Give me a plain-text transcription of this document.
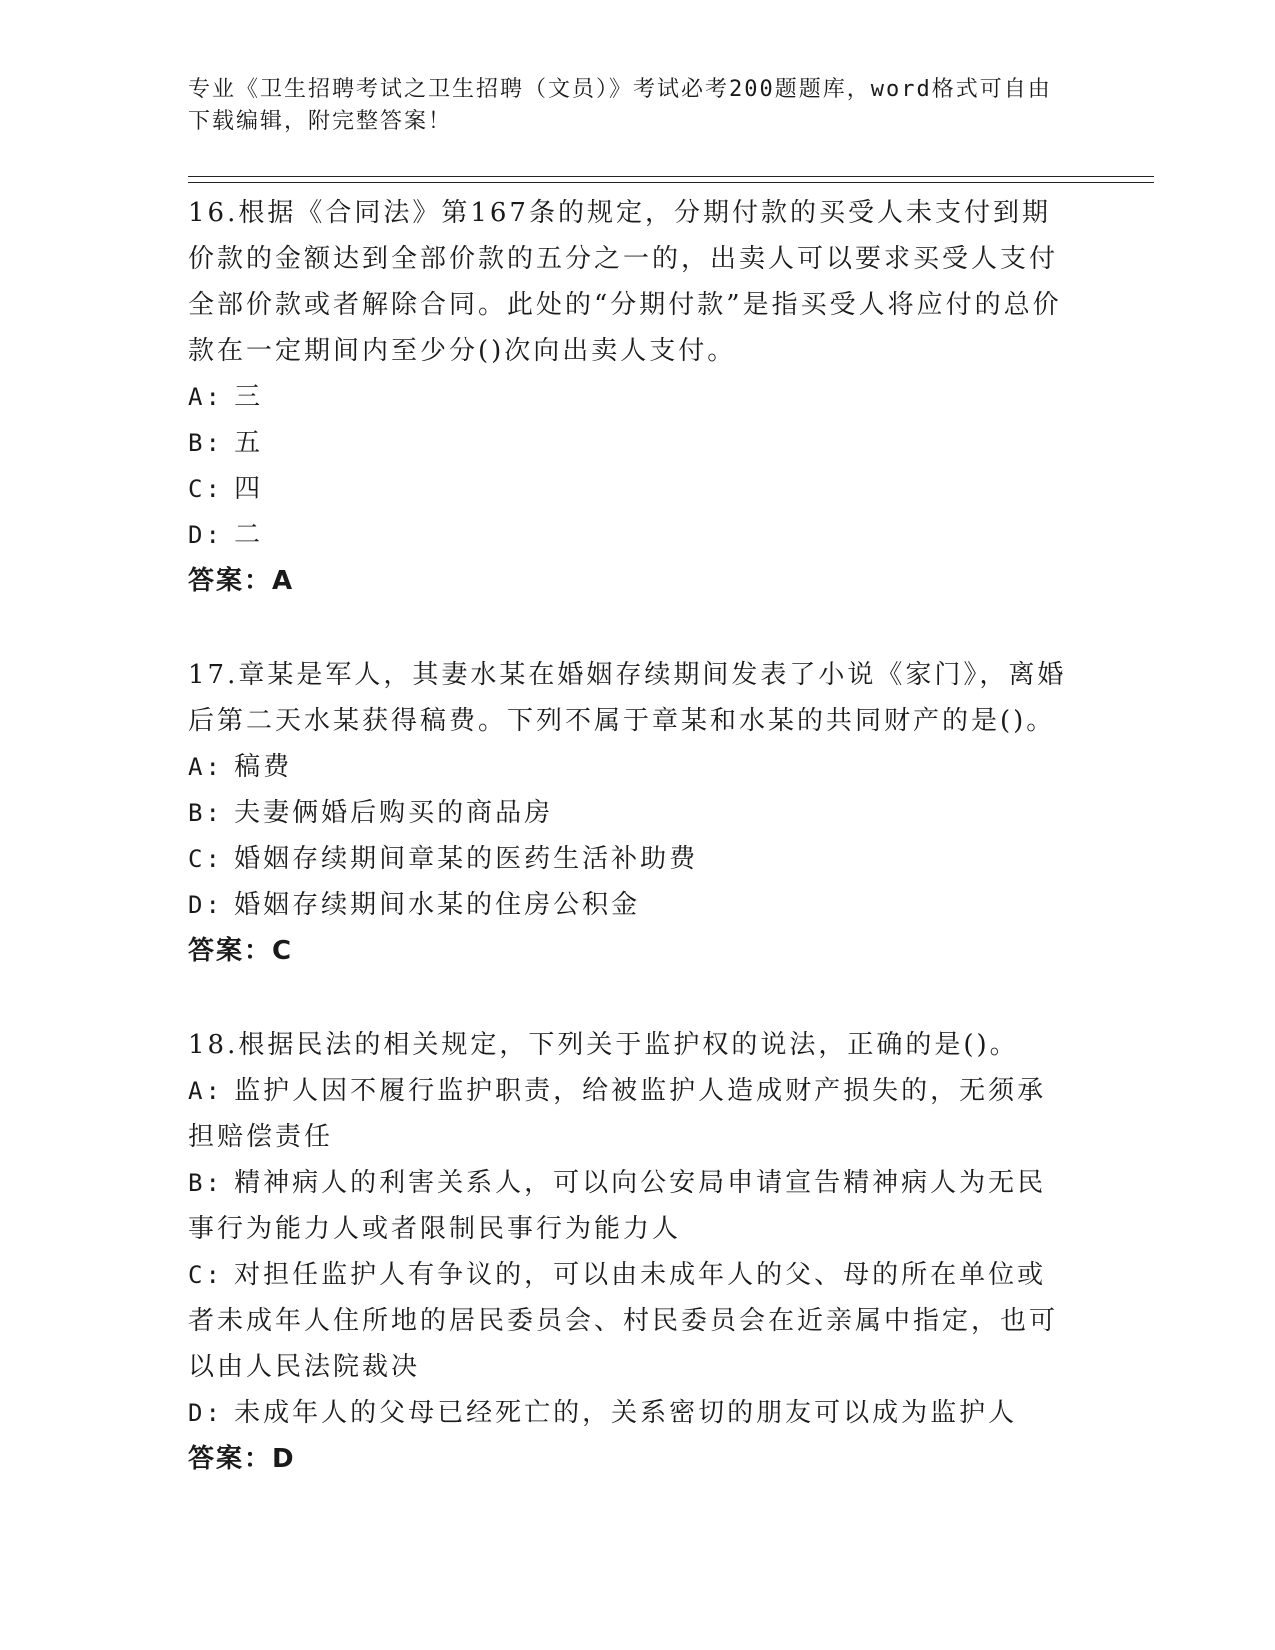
专业《卫生招聘考试之卫生招聘（文员）》考试必考200题题库，word格式可自由下载编辑，附完整答案！

16.根据《合同法》第167条的规定，分期付款的买受人未支付到期价款的金额达到全部价款的五分之一的，出卖人可以要求买受人支付全部价款或者解除合同。此处的“分期付款”是指买受人将应付的总价款在一定期间内至少分()次向出卖人支付。

A: 三

B: 五

C: 四

D: 二

答案：A

17.章某是军人，其妻水某在婚姻存续期间发表了小说《家门》，离婚后第二天水某获得稿费。下列不属于章某和水某的共同财产的是()。

A: 稿费

B: 夫妻俩婚后购买的商品房

C: 婚姻存续期间章某的医药生活补助费

D: 婚姻存续期间水某的住房公积金

答案：C

18.根据民法的相关规定，下列关于监护权的说法，正确的是()。

A: 监护人因不履行监护职责，给被监护人造成财产损失的，无须承担赔偿责任

B: 精神病人的利害关系人，可以向公安局申请宣告精神病人为无民事行为能力人或者限制民事行为能力人

C: 对担任监护人有争议的，可以由未成年人的父、母的所在单位或者未成年人住所地的居民委员会、村民委员会在近亲属中指定，也可以由人民法院裁决

D: 未成年人的父母已经死亡的，关系密切的朋友可以成为监护人

答案：D
